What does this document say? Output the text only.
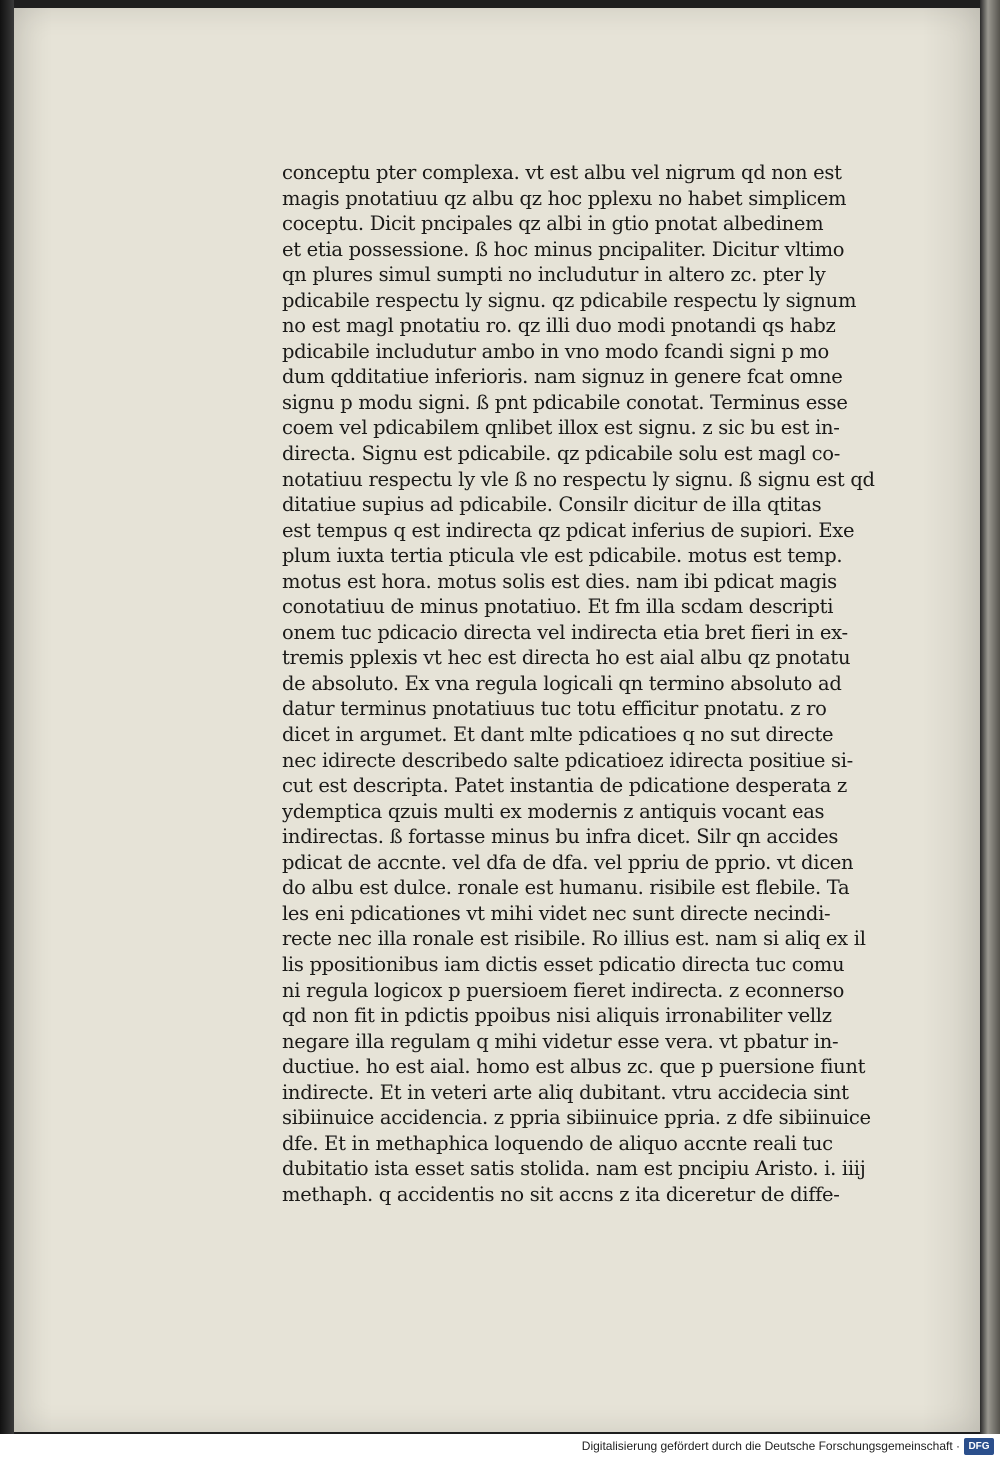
conceptu pter complexa. vt est albu vel nigrum qd non est
magis pnotatiuu qz albu qz hoc pplexu no habet simplicem
coceptu. Dicit pncipales qz albi in gtio pnotat albedinem
et etia possessione. ß hoc minus pncipaliter. Dicitur vltimo
qn plures simul sumpti no includutur in altero zc. pter ly
pdicabile respectu ly signu. qz pdicabile respectu ly signum
no est magl pnotatiu ro. qz illi duo modi pnotandi qs habz
pdicabile includutur ambo in vno modo fcandi signi p mo
dum qdditatiue inferioris. nam signuz in genere fcat omne
signu p modu signi. ß pnt pdicabile conotat. Terminus esse
coem vel pdicabilem qnlibet illox est signu. z sic bu est in-
directa. Signu est pdicabile. qz pdicabile solu est magl co-
notatiuu respectu ly vle ß no respectu ly signu. ß signu est qd
ditatiue supius ad pdicabile. Consilr dicitur de illa qtitas
est tempus q est indirecta qz pdicat inferius de supiori. Exe
plum iuxta tertia pticula vle est pdicabile. motus est temp.
motus est hora. motus solis est dies. nam ibi pdicat magis
conotatiuu de minus pnotatiuo. Et fm illa scdam descripti
onem tuc pdicacio directa vel indirecta etia bret fieri in ex-
tremis pplexis vt hec est directa ho est aial albu qz pnotatu
de absoluto. Ex vna regula logicali qn termino absoluto ad
datur terminus pnotatiuus tuc totu efficitur pnotatu. z ro
dicet in argumet. Et dant mlte pdicatioes q no sut directe
nec idirecte describedo salte pdicatioez idirecta positiue si-
cut est descripta. Patet instantia de pdicatione desperata z
ydemptica qzuis multi ex modernis z antiquis vocant eas
indirectas. ß fortasse minus bu infra dicet. Silr qn accides
pdicat de accnte. vel dfa de dfa. vel ppriu de pprio. vt dicen
do albu est dulce. ronale est humanu. risibile est flebile. Ta
les eni pdicationes vt mihi videt nec sunt directe necindi-
recte nec illa ronale est risibile. Ro illius est. nam si aliq ex il
lis ppositionibus iam dictis esset pdicatio directa tuc comu
ni regula logicox p puersioem fieret indirecta. z econnerso
qd non fit in pdictis ppoibus nisi aliquis irronabiliter vellz
negare illa regulam q mihi videtur esse vera. vt pbatur in-
ductiue. ho est aial. homo est albus zc. que p puersione fiunt
indirecte. Et in veteri arte aliq dubitant. vtru accidecia sint
sibiinuice accidencia. z ppria sibiinuice ppria. z dfe sibiinuice
dfe. Et in methaphica loquendo de aliquo accnte reali tuc
dubitatio ista esset satis stolida. nam est pncipiu Aristo. i. iiij
methaph. q accidentis no sit accns z ita diceretur de diffe-
Digitalisierung gefördert durch die Deutsche Forschungsgemeinschaft · DFG
